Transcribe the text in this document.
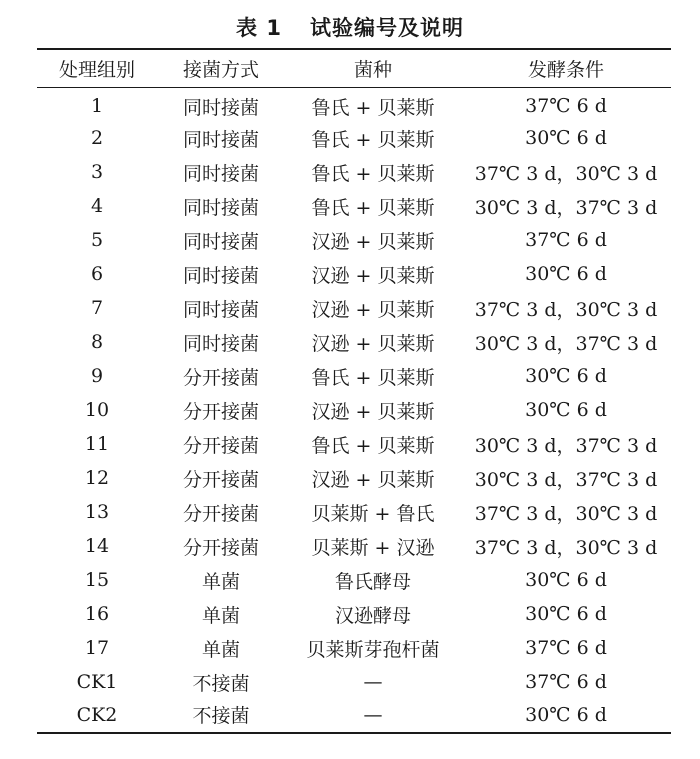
表 1 试验编号及说明
处理组别	接菌方式	菌种	发酵条件
1	同时接菌	鲁氏 + 贝莱斯	37℃ 6 d
2	同时接菌	鲁氏 + 贝莱斯	30℃ 6 d
3	同时接菌	鲁氏 + 贝莱斯	37℃ 3 d，30℃ 3 d
4	同时接菌	鲁氏 + 贝莱斯	30℃ 3 d，37℃ 3 d
5	同时接菌	汉逊 + 贝莱斯	37℃ 6 d
6	同时接菌	汉逊 + 贝莱斯	30℃ 6 d
7	同时接菌	汉逊 + 贝莱斯	37℃ 3 d，30℃ 3 d
8	同时接菌	汉逊 + 贝莱斯	30℃ 3 d，37℃ 3 d
9	分开接菌	鲁氏 + 贝莱斯	30℃ 6 d
10	分开接菌	汉逊 + 贝莱斯	30℃ 6 d
11	分开接菌	鲁氏 + 贝莱斯	30℃ 3 d，37℃ 3 d
12	分开接菌	汉逊 + 贝莱斯	30℃ 3 d，37℃ 3 d
13	分开接菌	贝莱斯 + 鲁氏	37℃ 3 d，30℃ 3 d
14	分开接菌	贝莱斯 + 汉逊	37℃ 3 d，30℃ 3 d
15	单菌	鲁氏酵母	30℃ 6 d
16	单菌	汉逊酵母	30℃ 6 d
17	单菌	贝莱斯芽孢杆菌	37℃ 6 d
CK1	不接菌	—	37℃ 6 d
CK2	不接菌	—	30℃ 6 d
